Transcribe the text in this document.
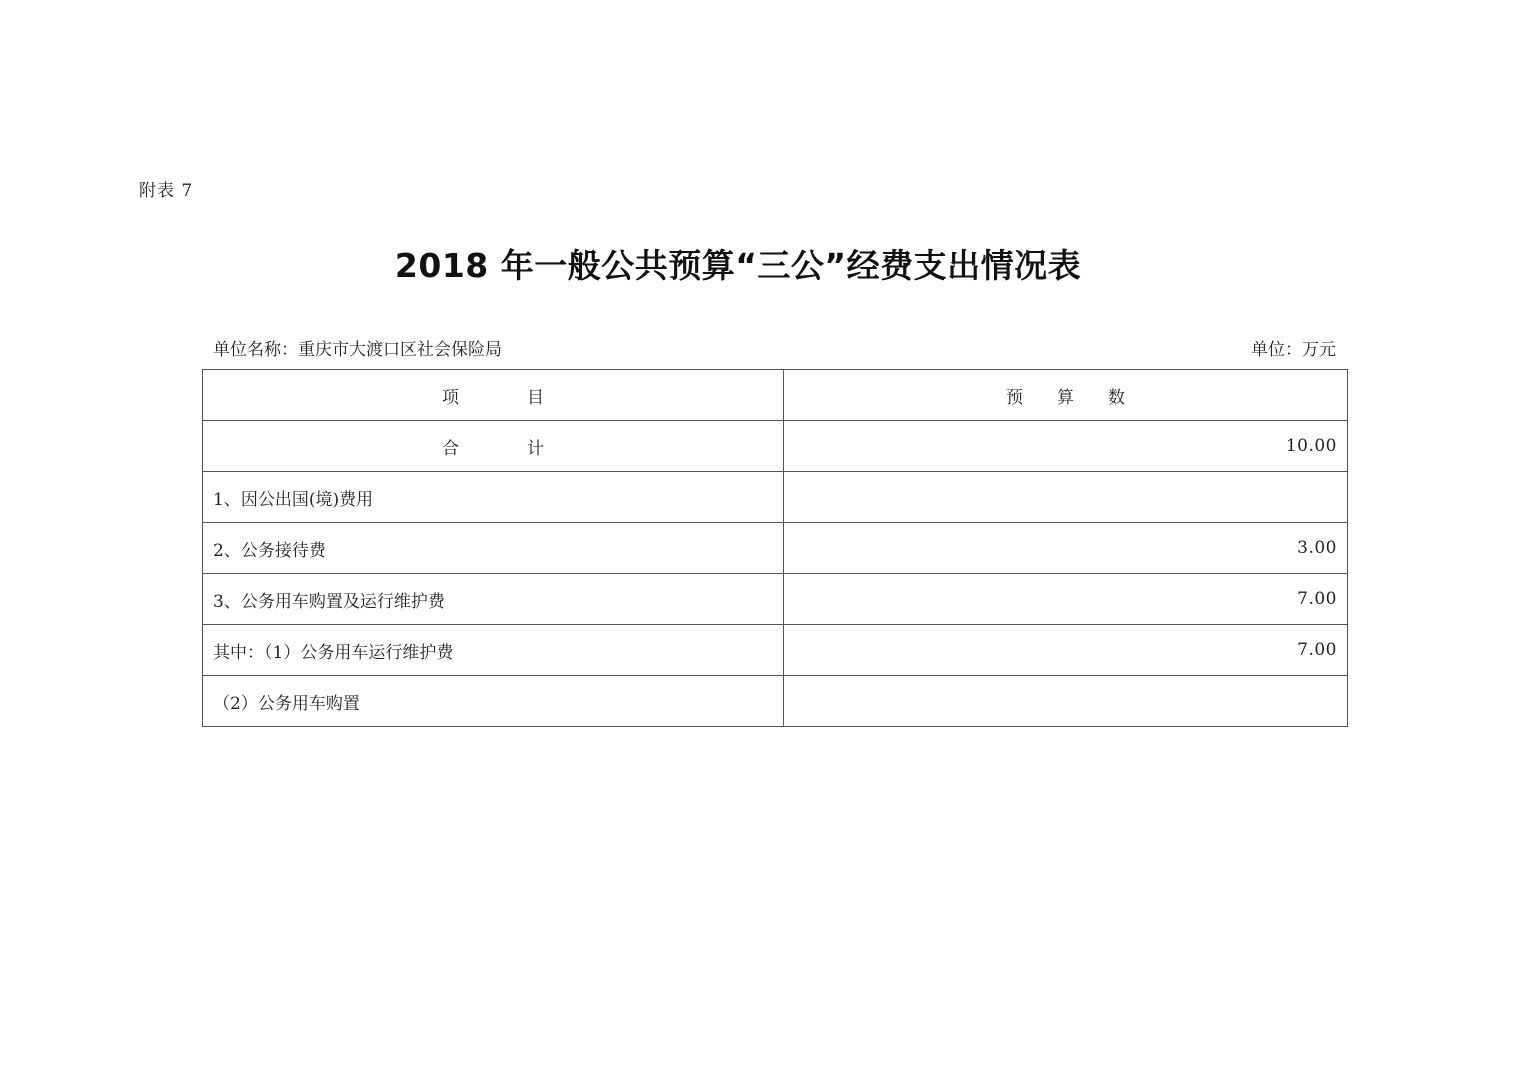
附表 7
2018 年一般公共预算“三公”经费支出情况表
单位名称：重庆市大渡口区社会保险局	单位：万元
项　　　　目	预　　算　　数
合　　　　计	10.00
1、因公出国(境)费用	
2、公务接待费	3.00
3、公务用车购置及运行维护费	7.00
其中：（1）公务用车运行维护费	7.00
（2）公务用车购置	
